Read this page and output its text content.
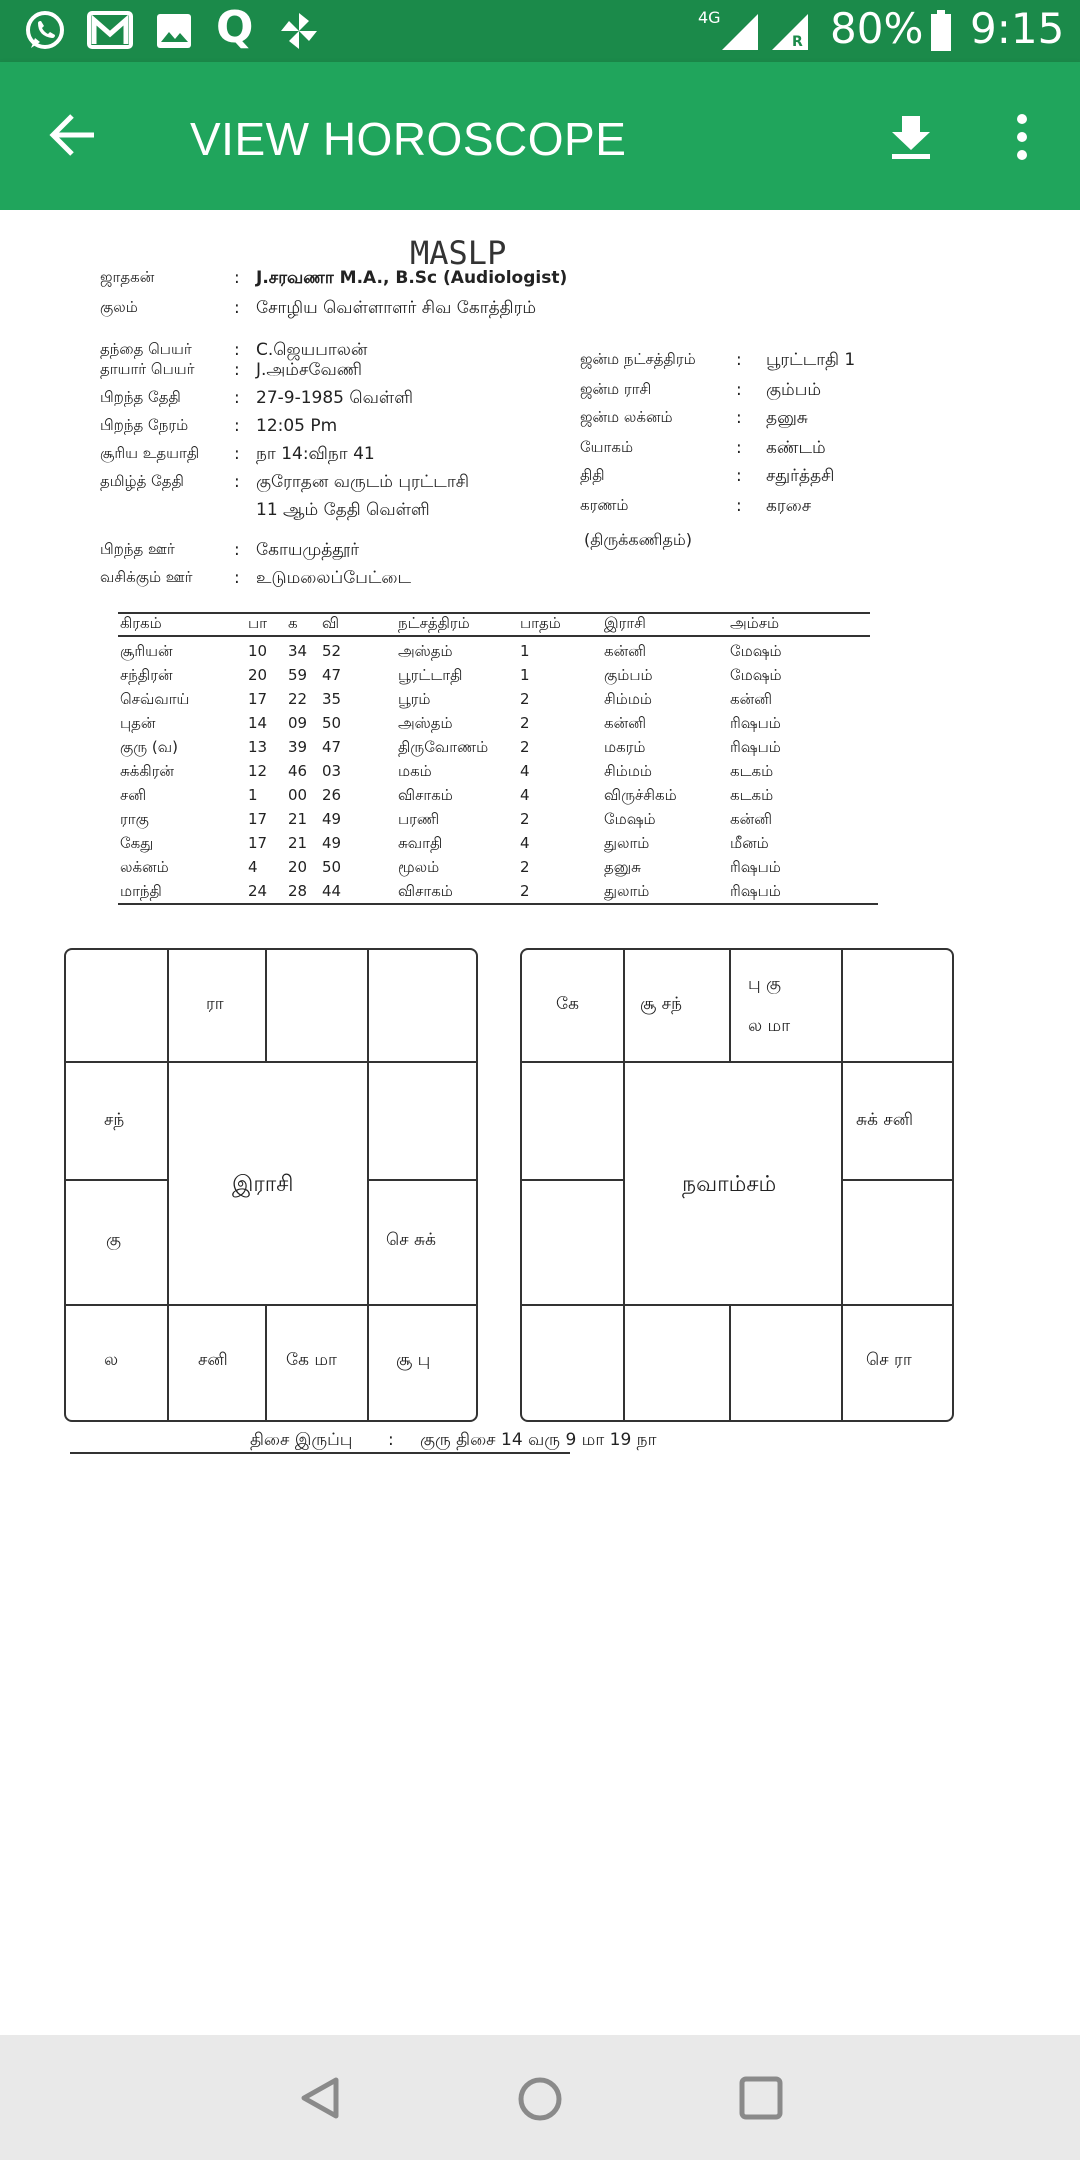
Q	4G
R 80% 9:15
VIEW HOROSCOPE
MASLP
ஜாதகன்	: J.சரவணா M.A., B.Sc (Audiologist)
குலம்	: சோழிய வெள்ளாளர் சிவ கோத்திரம்
தந்தை பெயர் : C.ஜெயபாலன்
தாயார் பெயர் : J.அம்சவேணி
பிறந்த தேதி	: 27-9-1985 வெள்ளி
பிறந்த நேரம்	: 12:05 Pm
சூரிய உதயாதி : நா 14:விநா 41
தமிழ்த் தேதி	: குரோதன வருடம் புரட்டாசி
11 ஆம் தேதி வெள்ளி
பிறந்த ஊர்	: கோயமுத்தூர்
வசிக்கும் ஊர் : உடுமலைப்பேட்டை
ஜன்ம நட்சத்திரம் : பூரட்டாதி 1
ஜன்ம ராசி	: கும்பம்
ஜன்ம லக்னம்	: தனுசு
யோகம்	: கண்டம்
திதி	: சதுர்த்தசி
கரணம்	: கரசை
(திருக்கணிதம்)
கிரகம்	பா க வி	நட்சத்திரம்	பாதம்	இராசி	அம்சம்
சூரியன்	10 34 52	அஸ்தம்	1	கன்னி	மேஷம்
சந்திரன்	20 59 47	பூரட்டாதி	1	கும்பம்	மேஷம்
செவ்வாய்	17 22 35	பூரம்	2	சிம்மம்	கன்னி
புதன்	14 09 50	அஸ்தம்	2	கன்னி	ரிஷபம்
குரு (வ)	13 39 47	திருவோணம் 2	மகரம்	ரிஷபம்
சுக்கிரன்	12 46 03	மகம்	4	சிம்மம்	கடகம்
சனி	1 00 26	விசாகம்	4	விருச்சிகம்	கடகம்
ராகு	17 21 49	பரணி	2	மேஷம்	கன்னி
கேது	17 21 49	சுவாதி	4	துலாம்	மீனம்
லக்னம்	4 20 50	மூலம்	2	தனுசு	ரிஷபம்
மாந்தி	24 28 44	விசாகம்	2	துலாம்	ரிஷபம்
இராசி
ரா
சந்
கு	செ சுக்
ல	சனி	கே மா	சூ பு
நவாம்சம்
கே	சூ சந்
பு கு
ல மா
சுக் சனி
செ ரா
திசை இருப்பு : குரு திசை 14 வரு 9 மா 19 நா
